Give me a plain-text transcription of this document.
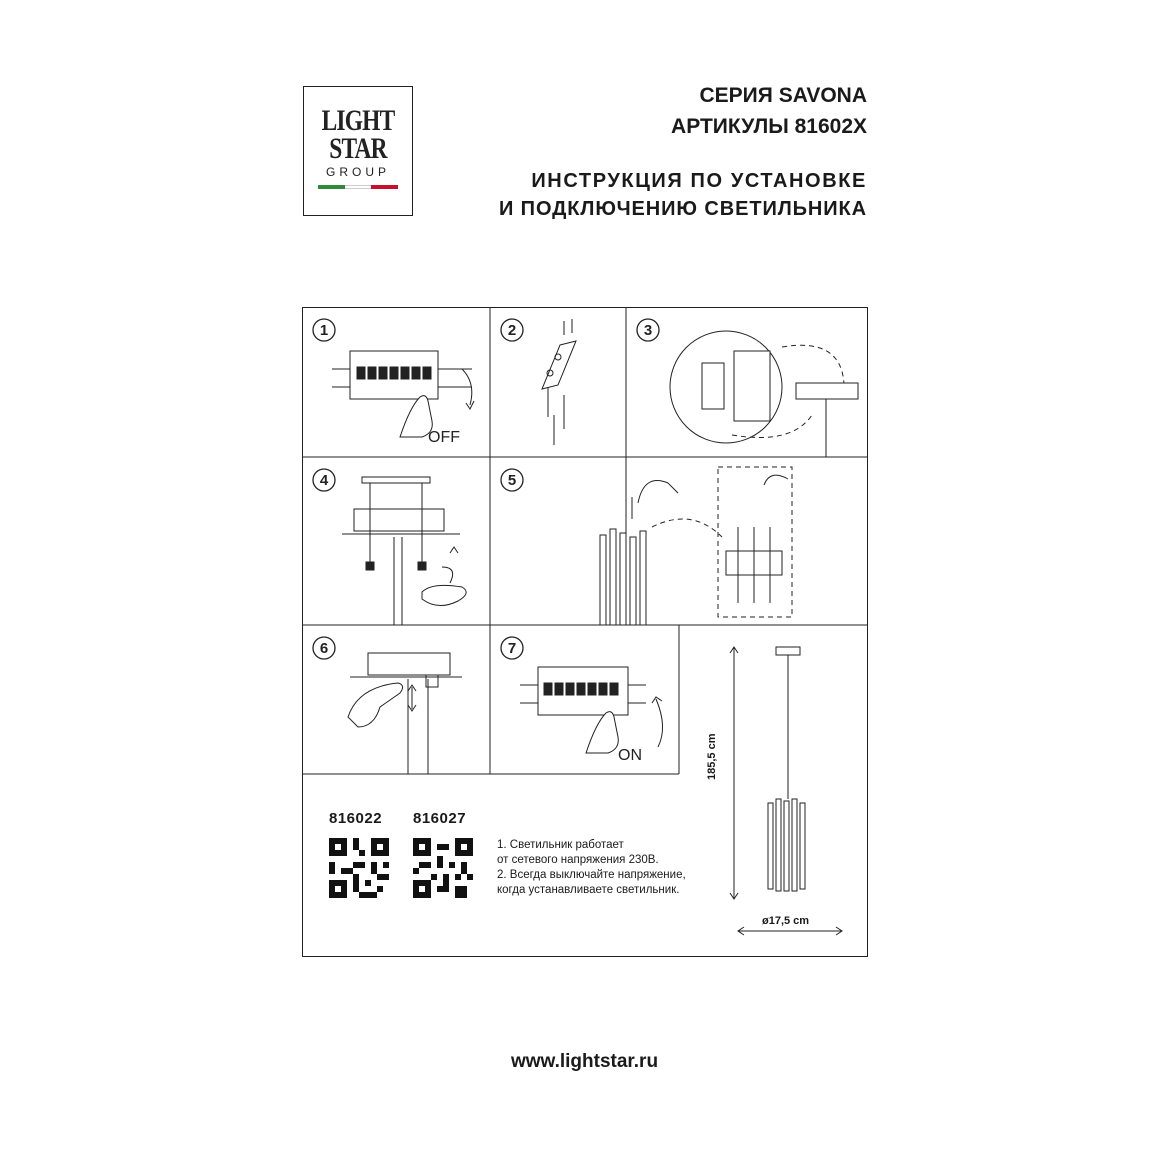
LIGHT
STAR
GROUP
СЕРИЯ SAVONA
АРТИКУЛЫ 81602X
ИНСТРУКЦИЯ ПО УСТАНОВКЕ
И ПОДКЛЮЧЕНИЮ СВЕТИЛЬНИКА
1	2	3
4	5
6	7
OFF
ON
816022 816027
1. Светильник работает
от сетевого напряжения 230В.
2. Всегда выключайте напряжение,
когда устанавливаете светильник.
185,5 cm
ø17,5 cm
www.lightstar.ru
